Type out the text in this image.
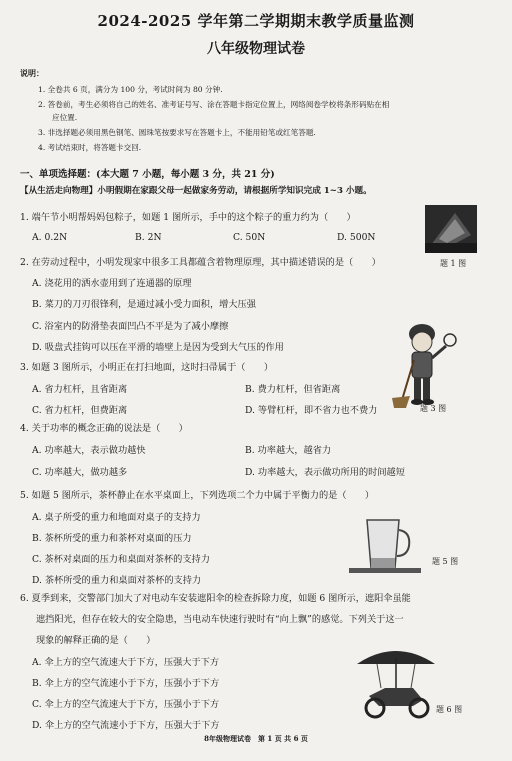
2024-2025 学年第二学期期末教学质量监测
八年级物理试卷
说明：
1. 全卷共 6 页，满分为 100 分，考试时间为 80 分钟.
2. 答卷前，考生必须将自己的姓名、准考证号写、涂在答题卡指定位置上，网络阅卷学校将条形码贴在相
应位置.
3. 非选择题必须用黑色钢笔、圆珠笔按要求写在答题卡上，不能用铅笔或红笔答题.
4. 考试结束时，将答题卡交回.
一、单项选择题：(本大题 7 小题，每小题 3 分，共 21 分)
【从生活走向物理】小明假期在家跟父母一起做家务劳动，请根据所学知识完成 1~3 小题。
1. 端午节小明帮妈妈包粽子，如题 1 图所示，手中的这个粽子的重力约为（　　）
A. 0.2N	B. 2N	C. 50N	D. 500N
题 1 图
2. 在劳动过程中，小明发现家中很多工具都蕴含着物理原理，其中描述错误的是（　　）
A. 浇花用的洒水壶用到了连通器的原理
B. 菜刀的刀刃很锋利，是通过减小受力面积，增大压强
C. 浴室内的防滑垫表面凹凸不平是为了减小摩擦
D. 吸盘式挂钩可以压在平滑的墙壁上是因为受到大气压的作用
3. 如题 3 图所示，小明正在打扫地面，这时扫帚属于（　　）
A. 省力杠杆，且省距离	B. 费力杠杆，但省距离
C. 省力杠杆，但费距离	D. 等臂杠杆，即不省力也不费力	题 3 图
4. 关于功率的概念正确的说法是（　　）
A. 功率越大，表示做功越快	B. 功率越大，越省力
C. 功率越大，做功越多	D. 功率越大，表示做功所用的时间越短
5. 如题 5 图所示，茶杯静止在水平桌面上，下列选项二个力中属于平衡力的是（　　）
A. 桌子所受的重力和地面对桌子的支持力
B. 茶杯所受的重力和茶杯对桌面的压力
C. 茶杯对桌面的压力和桌面对茶杯的支持力
D. 茶杯所受的重力和桌面对茶杯的支持力
题 5 图
6. 夏季到来，交警部门加大了对电动车安装遮阳伞的检查拆除力度，如题 6 图所示，遮阳伞虽能
遮挡阳光，但存在较大的安全隐患，当电动车快速行驶时有“向上飘”的感觉。下列关于这一
现象的解释正确的是（　　）
A. 伞上方的空气流速大于下方，压强大于下方
B. 伞上方的空气流速小于下方，压强小于下方
C. 伞上方的空气流速大于下方，压强小于下方
D. 伞上方的空气流速小于下方，压强大于下方
题 6 图
8年级物理试卷　第 1 页 共 6 页
